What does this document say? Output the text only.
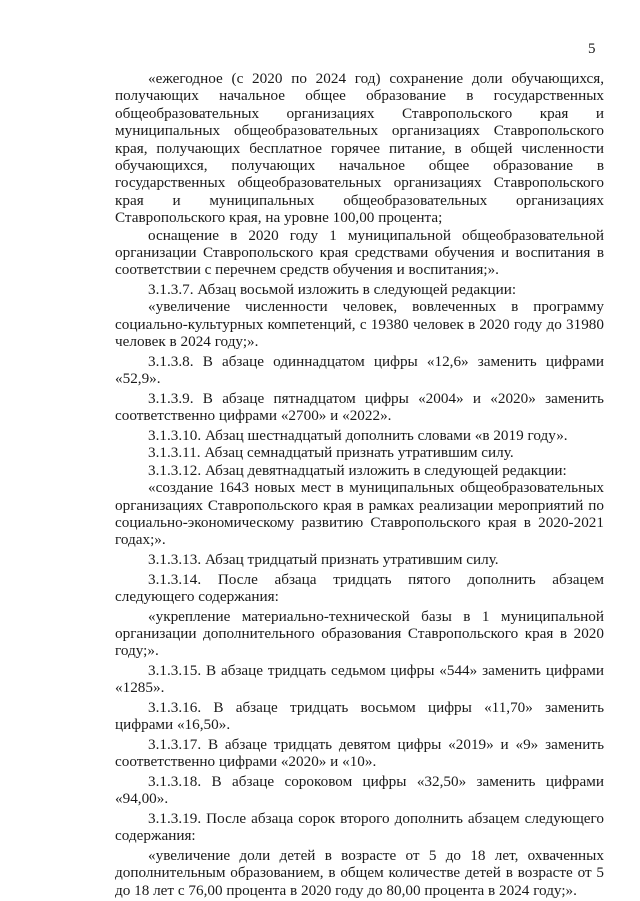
5

«ежегодное (с 2020 по 2024 год) сохранение доли обучающихся, получающих начальное общее образование в государственных общеобразовательных организациях Ставропольского края и муниципальных общеобразовательных организациях Ставропольского края, получающих бесплатное горячее питание, в общей численности обучающихся, получающих начальное общее образование в государственных общеобразовательных организациях Ставропольского края и муниципальных общеобразовательных организациях Ставропольского края, на уровне 100,00 процента;

оснащение в 2020 году 1 муниципальной общеобразовательной организации Ставропольского края средствами обучения и воспитания в соответствии с перечнем средств обучения и воспитания;».

3.1.3.7. Абзац восьмой изложить в следующей редакции:

«увеличение численности человек, вовлеченных в программу социально-культурных компетенций, с 19380 человек в 2020 году до 31980 человек в 2024 году;».

3.1.3.8. В абзаце одиннадцатом цифры «12,6» заменить цифрами «52,9».

3.1.3.9. В абзаце пятнадцатом цифры «2004» и «2020» заменить соответственно цифрами «2700» и «2022».

3.1.3.10. Абзац шестнадцатый дополнить словами «в 2019 году».

3.1.3.11. Абзац семнадцатый признать утратившим силу.

3.1.3.12. Абзац девятнадцатый изложить в следующей редакции:

«создание 1643 новых мест в муниципальных общеобразовательных организациях Ставропольского края в рамках реализации мероприятий по социально-экономическому развитию Ставропольского края в 2020-2021 годах;».

3.1.3.13. Абзац тридцатый признать утратившим силу.

3.1.3.14. После абзаца тридцать пятого дополнить абзацем следующего содержания:

«укрепление материально-технической базы в 1 муниципальной организации дополнительного образования Ставропольского края в 2020 году;».

3.1.3.15. В абзаце тридцать седьмом цифры «544» заменить цифрами «1285».

3.1.3.16. В абзаце тридцать восьмом цифры «11,70» заменить цифрами «16,50».

3.1.3.17. В абзаце тридцать девятом цифры «2019» и «9» заменить соответственно цифрами «2020» и «10».

3.1.3.18. В абзаце сороковом цифры «32,50» заменить цифрами «94,00».

3.1.3.19. После абзаца сорок второго дополнить абзацем следующего содержания:

«увеличение доли детей в возрасте от 5 до 18 лет, охваченных дополнительным образованием, в общем количестве детей в возрасте от 5 до 18 лет с 76,00 процента в 2020 году до 80,00 процента в 2024 году;».
